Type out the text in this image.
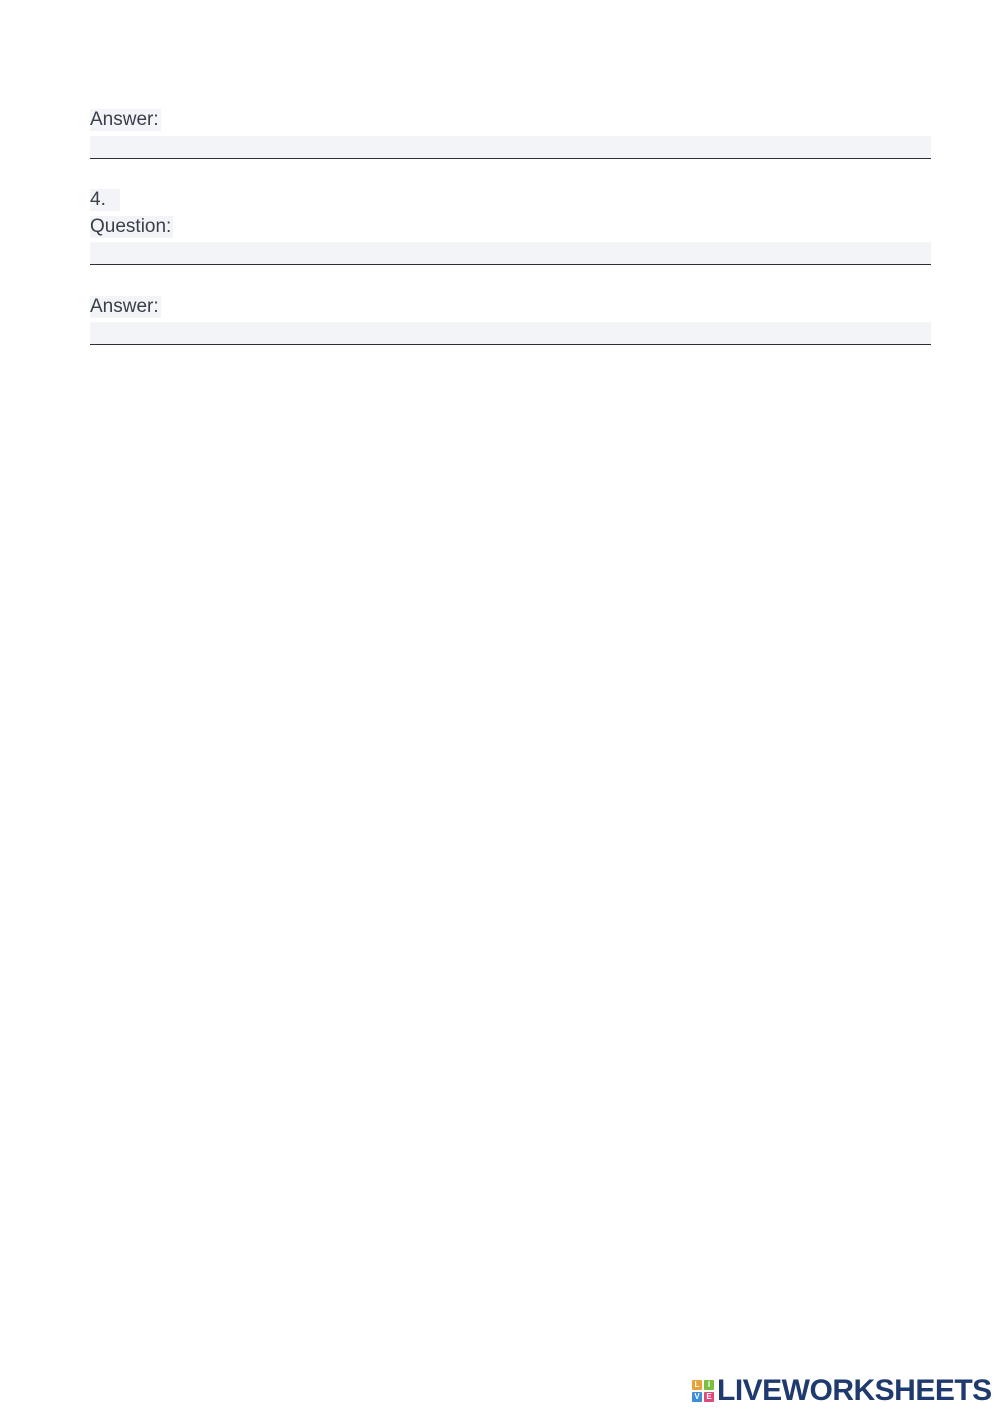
Answer:
4.
Question:
Answer:
L	I
V E LIVEWORKSHEETS
